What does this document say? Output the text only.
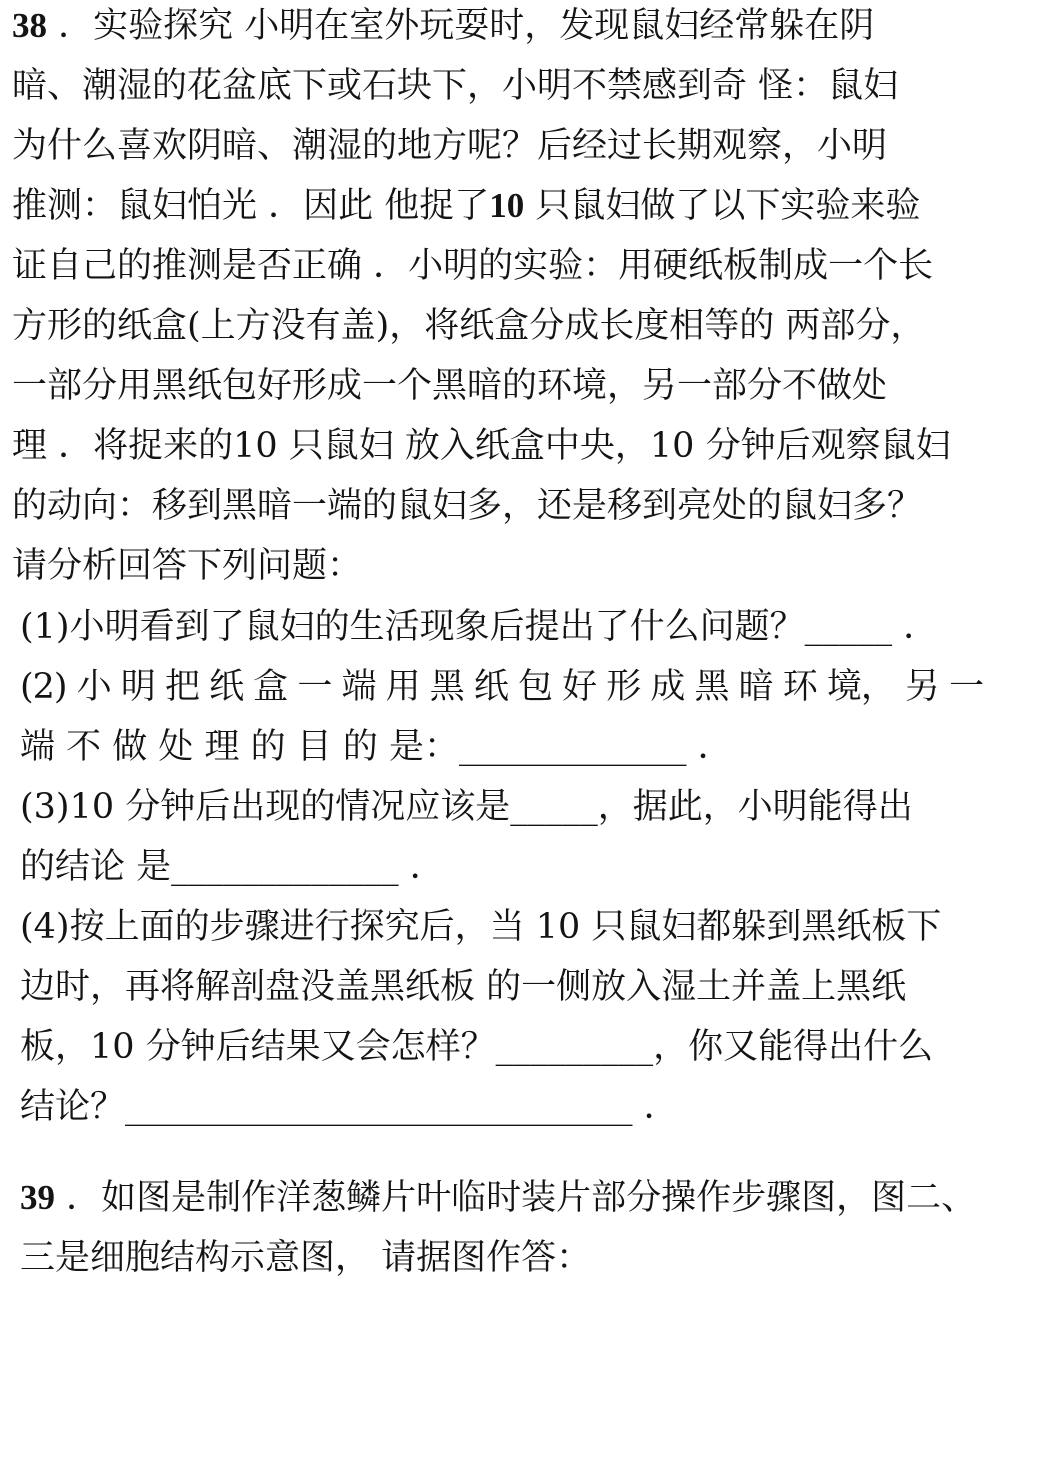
38 ．实验探究 小明在室外玩耍时，发现鼠妇经常躲在阴
暗、潮湿的花盆底下或石块下，小明不禁感到奇 怪：鼠妇
为什么喜欢阴暗、潮湿的地方呢？后经过长期观察，小明
推测：鼠妇怕光 ．因此 他捉了10 只鼠妇做了以下实验来验
证自己的推测是否正确 ．小明的实验：用硬纸板制成一个长
方形的纸盒(上方没有盖)，将纸盒分成长度相等的 两部分，
一部分用黑纸包好形成一个黑暗的环境，另一部分不做处
理 ．将捉来的10 只鼠妇 放入纸盒中央，10 分钟后观察鼠妇
的动向：移到黑暗一端的鼠妇多，还是移到亮处的鼠妇多？
请分析回答下列问题：
(1)小明看到了鼠妇的生活现象后提出了什么问题？_____ ．
(2) 小 明 把 纸 盒 一 端 用 黑 纸 包 好 形 成 黑 暗 环 境， 另 一
端 不 做 处 理 的 目 的 是：_____________ ．
(3)10 分钟后出现的情况应该是_____，据此，小明能得出
的结论 是_____________ ．
(4)按上面的步骤进行探究后，当 10 只鼠妇都躲到黑纸板下
边时，再将解剖盘没盖黑纸板 的一侧放入湿土并盖上黑纸
板，10 分钟后结果又会怎样？_________，你又能得出什么
结论？_____________________________ ．
39 ．如图是制作洋葱鳞片叶临时装片部分操作步骤图，图二、
三是细胞结构示意图， 请据图作答：
